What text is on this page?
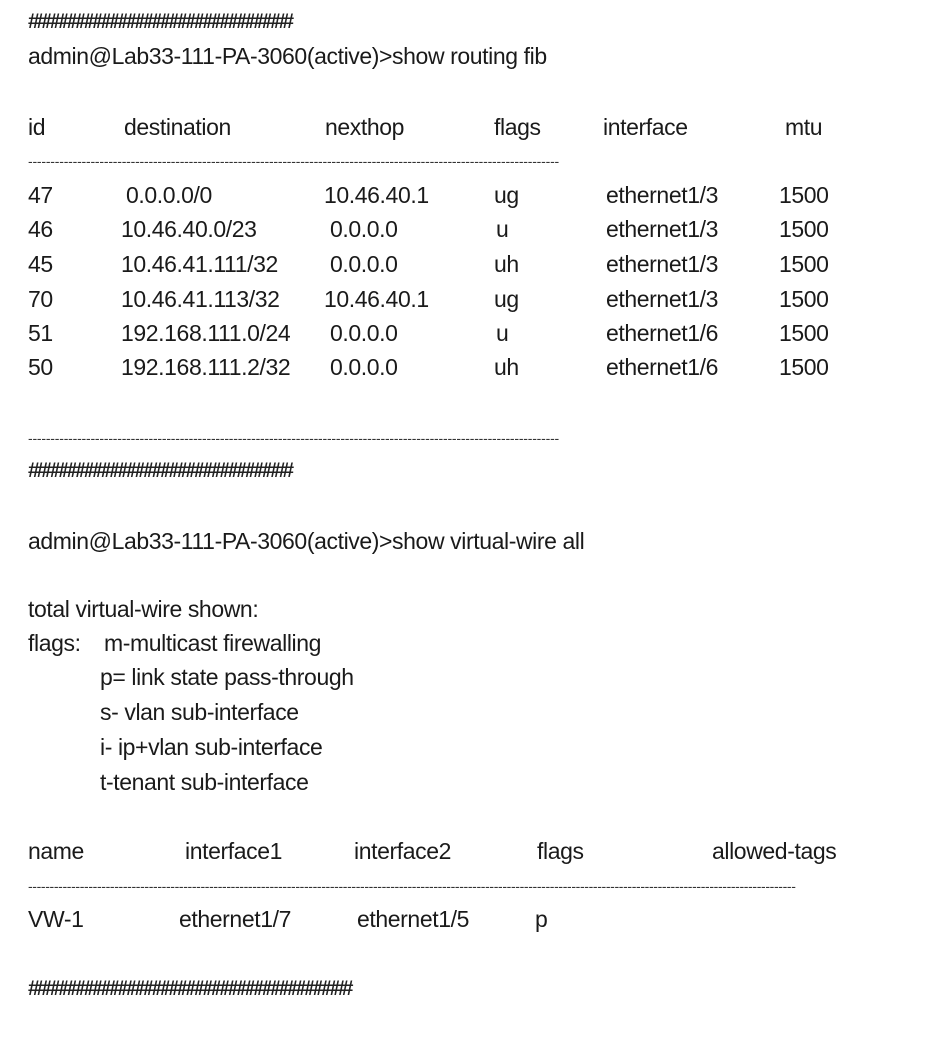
###############################
admin@Lab33-111-PA-3060(active)>show routing fib
id	destination	nexthop	flags	interface	mtu
-----------------------------------------------------------------------------------------------------------------------
47	0.0.0.0/0	10.46.40.1	ug	ethernet1/3	1500
46	10.46.40.0/23	0.0.0.0	u	ethernet1/3	1500
45	10.46.41.111/32 0.0.0.0	uh	ethernet1/3	1500
70	10.46.41.113/32 10.46.40.1	ug	ethernet1/3	1500
51	192.168.111.0/24 0.0.0.0	u	ethernet1/6	1500
50	192.168.111.2/32 0.0.0.0	uh	ethernet1/6	1500
-----------------------------------------------------------------------------------------------------------------------
###############################
admin@Lab33-111-PA-3060(active)>show virtual-wire all
total virtual-wire shown:
flags: m-multicast firewalling
p= link state pass-through
s- vlan sub-interface
i- ip+vlan sub-interface
t-tenant sub-interface
name	interface1	interface2	flags	allowed-tags
----------------------------------------------------------------------------------------------------------------------------------------------------------------------------------
VW-1	ethernet1/7	ethernet1/5	p
######################################
